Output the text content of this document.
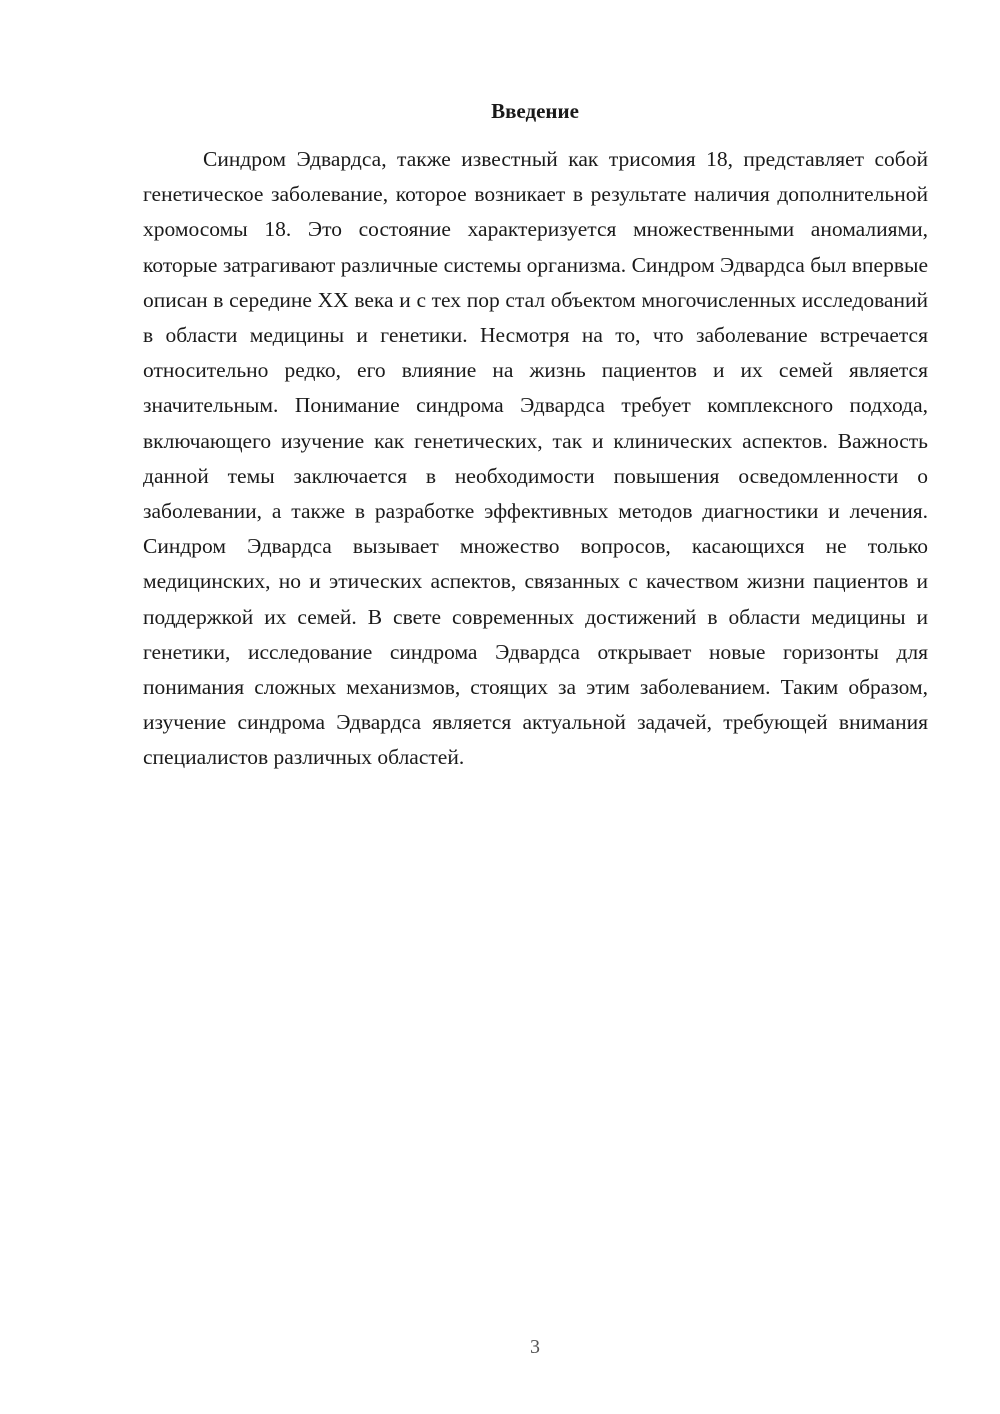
Введение

Синдром Эдвардса, также известный как трисомия 18, представляет собой генетическое заболевание, которое возникает в результате наличия дополнительной хромосомы 18. Это состояние характеризуется множественными аномалиями, которые затрагивают различные системы организма. Синдром Эдвардса был впервые описан в середине XX века и с тех пор стал объектом многочисленных исследований в области медицины и генетики. Несмотря на то, что заболевание встречается относительно редко, его влияние на жизнь пациентов и их семей является значительным. Понимание синдрома Эдвардса требует комплексного подхода, включающего изучение как генетических, так и клинических аспектов. Важность данной темы заключается в необходимости повышения осведомленности о заболевании, а также в разработке эффективных методов диагностики и лечения. Синдром Эдвардса вызывает множество вопросов, касающихся не только медицинских, но и этических аспектов, связанных с качеством жизни пациентов и поддержкой их семей. В свете современных достижений в области медицины и генетики, исследование синдрома Эдвардса открывает новые горизонты для понимания сложных механизмов, стоящих за этим заболеванием. Таким образом, изучение синдрома Эдвардса является актуальной задачей, требующей внимания специалистов различных областей.

3
